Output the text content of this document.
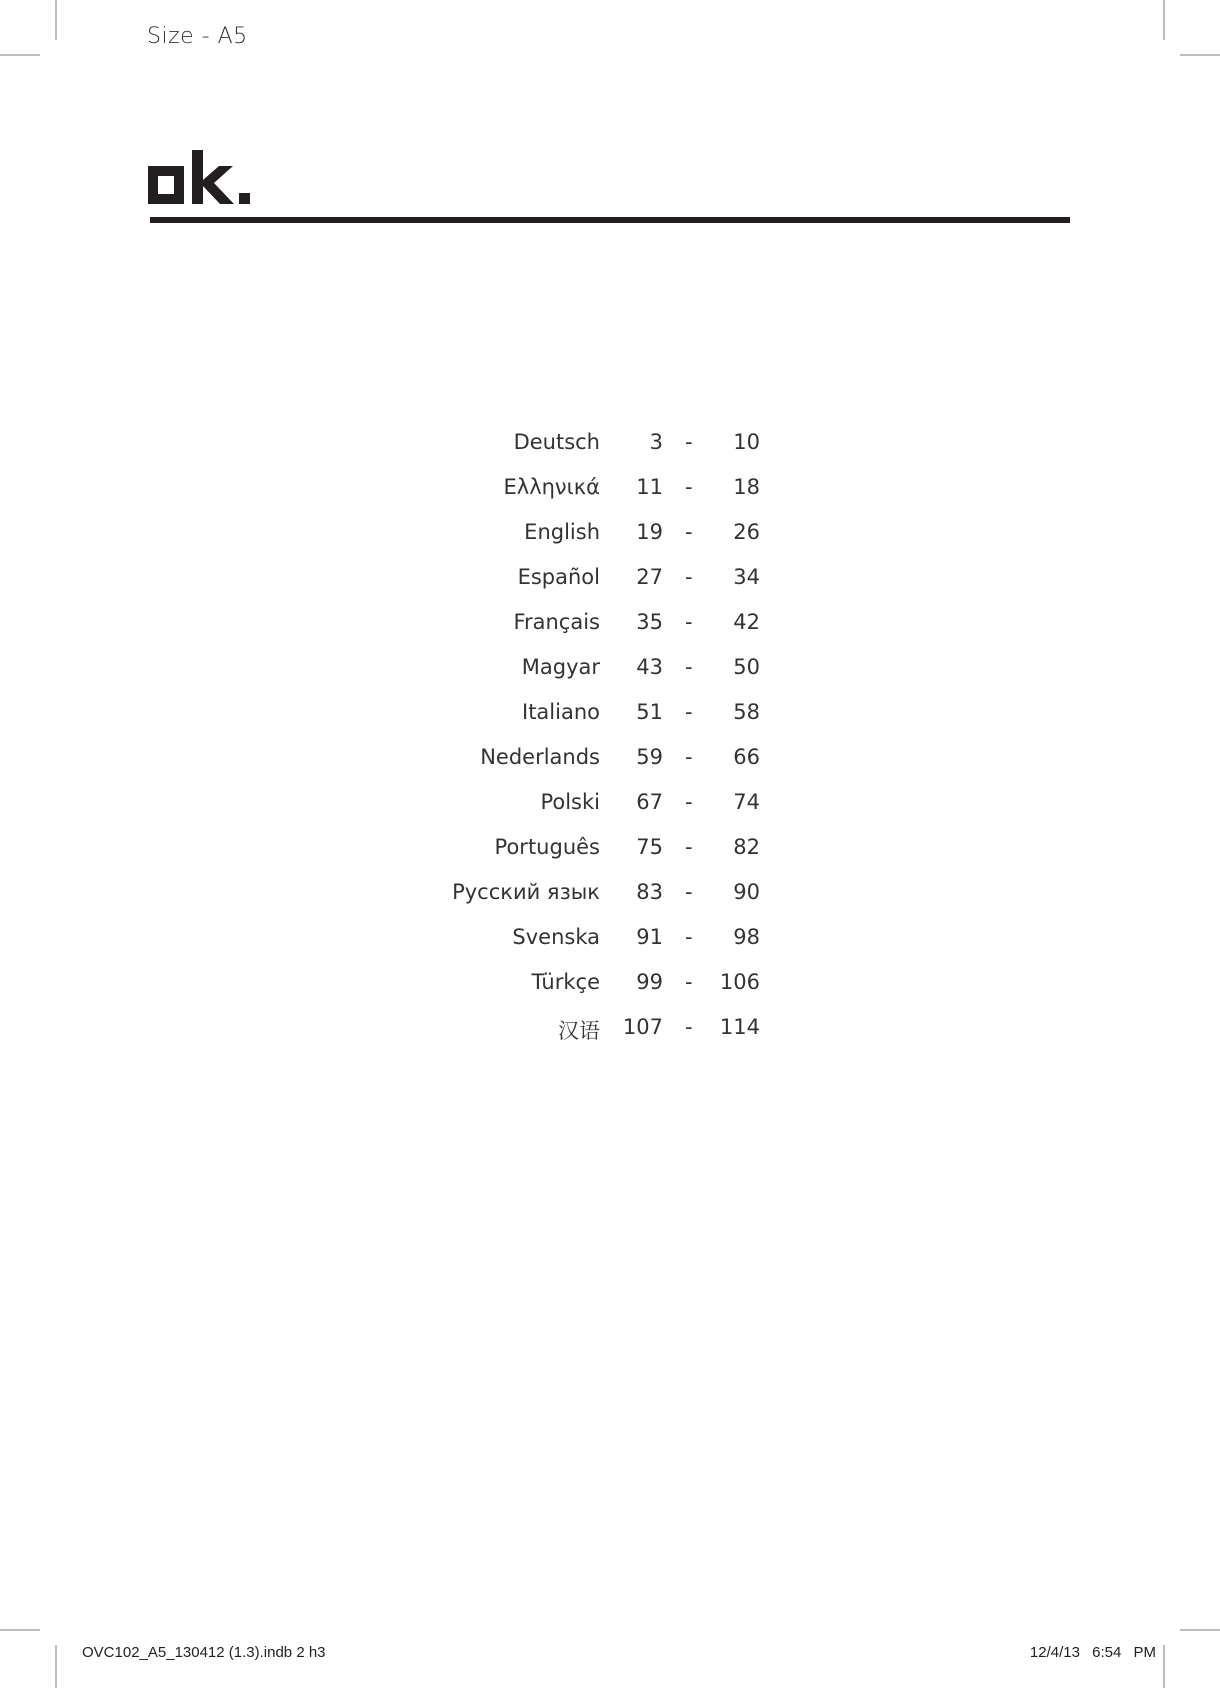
Size - A5
Deutsch 3 - 10
Ελληνικά 11 - 18
English 19 - 26
Español 27 - 34
Français 35 - 42
Magyar 43 - 50
Italiano 51 - 58
Nederlands 59 - 66
Polski 67 - 74
Português 75 - 82
Русский язык 83 - 90
Svenska 91 - 98
Türkçe 99 - 106
汉语 107 - 114
OVC102_A5_130412 (1.3).indb 2 h3	12/4/13 6:54 PM
